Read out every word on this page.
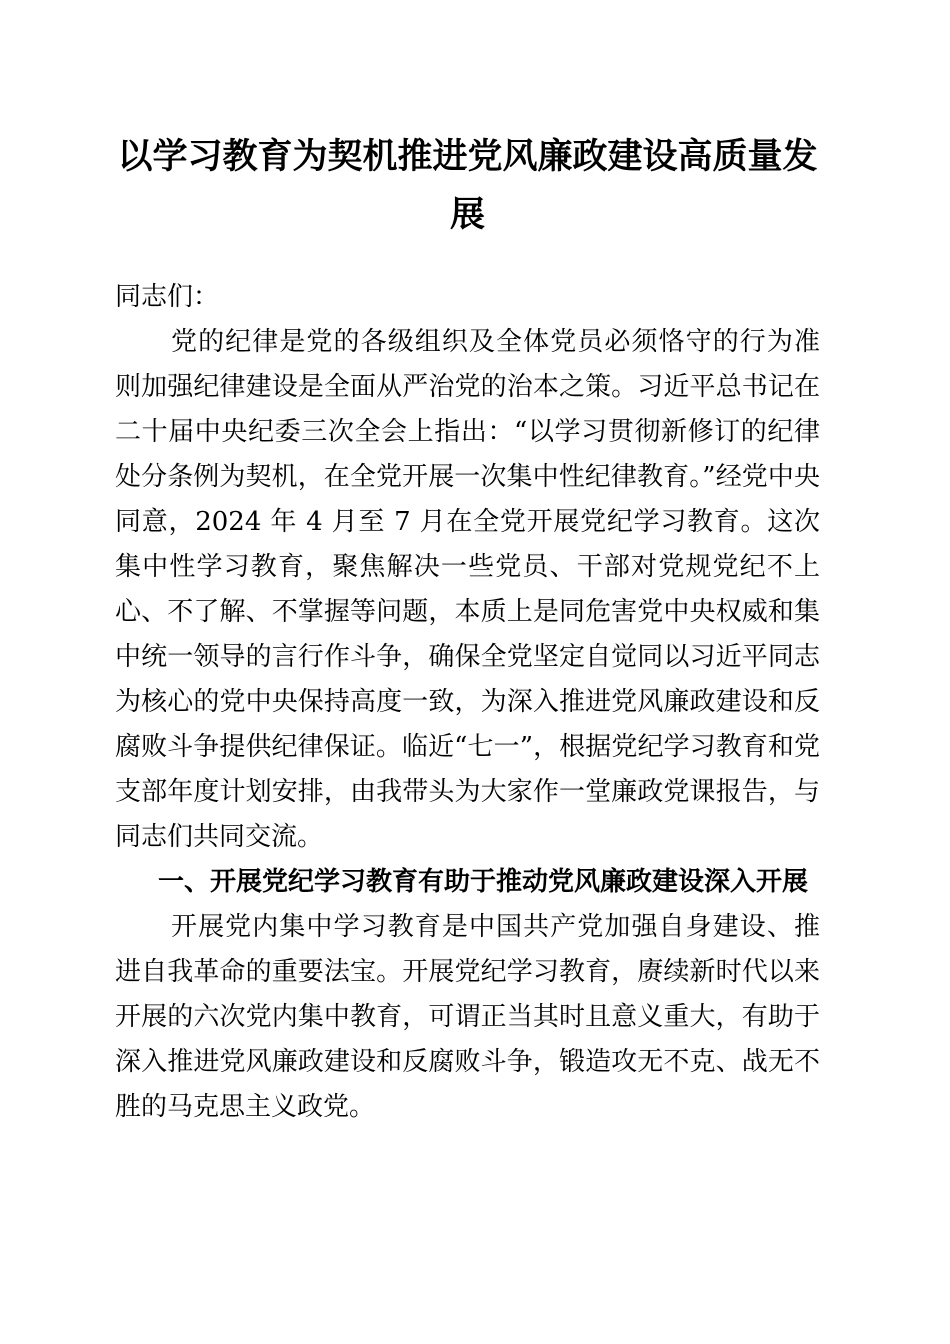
以学习教育为契机推进党风廉政建设高质量发展

同志们：

党的纪律是党的各级组织及全体党员必须恪守的行为准则加强纪律建设是全面从严治党的治本之策。习近平总书记在二十届中央纪委三次全会上指出：“以学习贯彻新修订的纪律处分条例为契机，在全党开展一次集中性纪律教育。”经党中央同意，2024 年 4 月至 7 月在全党开展党纪学习教育。这次集中性学习教育，聚焦解决一些党员、干部对党规党纪不上心、不了解、不掌握等问题，本质上是同危害党中央权威和集中统一领导的言行作斗争，确保全党坚定自觉同以习近平同志为核心的党中央保持高度一致，为深入推进党风廉政建设和反腐败斗争提供纪律保证。临近“七一”，根据党纪学习教育和党支部年度计划安排，由我带头为大家作一堂廉政党课报告，与同志们共同交流。

一、开展党纪学习教育有助于推动党风廉政建设深入开展

开展党内集中学习教育是中国共产党加强自身建设、推进自我革命的重要法宝。开展党纪学习教育，赓续新时代以来开展的六次党内集中教育，可谓正当其时且意义重大，有助于深入推进党风廉政建设和反腐败斗争，锻造攻无不克、战无不胜的马克思主义政党。
